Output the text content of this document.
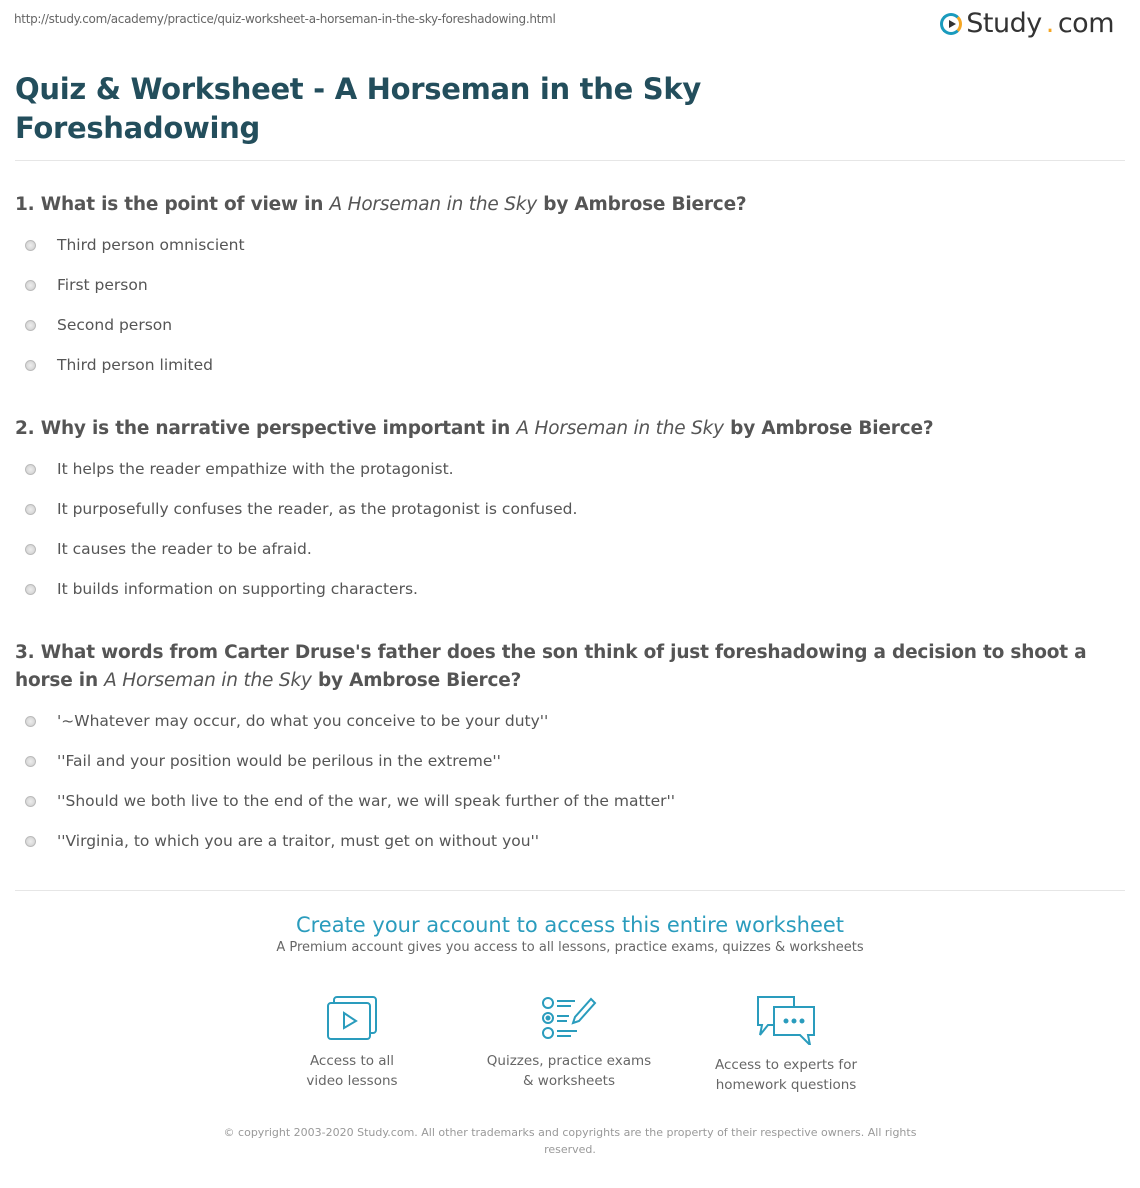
http://study.com/academy/practice/quiz-worksheet-a-horseman-in-the-sky-foreshadowing.html	Study . com
Quiz & Worksheet - A Horseman in the Sky Foreshadowing
1. What is the point of view in A Horseman in the Sky by Ambrose Bierce?
Third person omniscient
First person
Second person
Third person limited
2. Why is the narrative perspective important in A Horseman in the Sky by Ambrose Bierce?
It helps the reader empathize with the protagonist.
It purposefully confuses the reader, as the protagonist is confused.
It causes the reader to be afraid.
It builds information on supporting characters.
3. What words from Carter Druse's father does the son think of just foreshadowing a decision to shoot a horse in A Horseman in the Sky by Ambrose Bierce?
'~Whatever may occur, do what you conceive to be your duty''
''Fail and your position would be perilous in the extreme''
''Should we both live to the end of the war, we will speak further of the matter''
''Virginia, to which you are a traitor, must get on without you''
Create your account to access this entire worksheet
A Premium account gives you access to all lessons, practice exams, quizzes & worksheets
Access to all
video lessons
Quizzes, practice exams
& worksheets
Access to experts for
homework questions
© copyright 2003-2020 Study.com. All other trademarks and copyrights are the property of their respective owners. All rights reserved.
